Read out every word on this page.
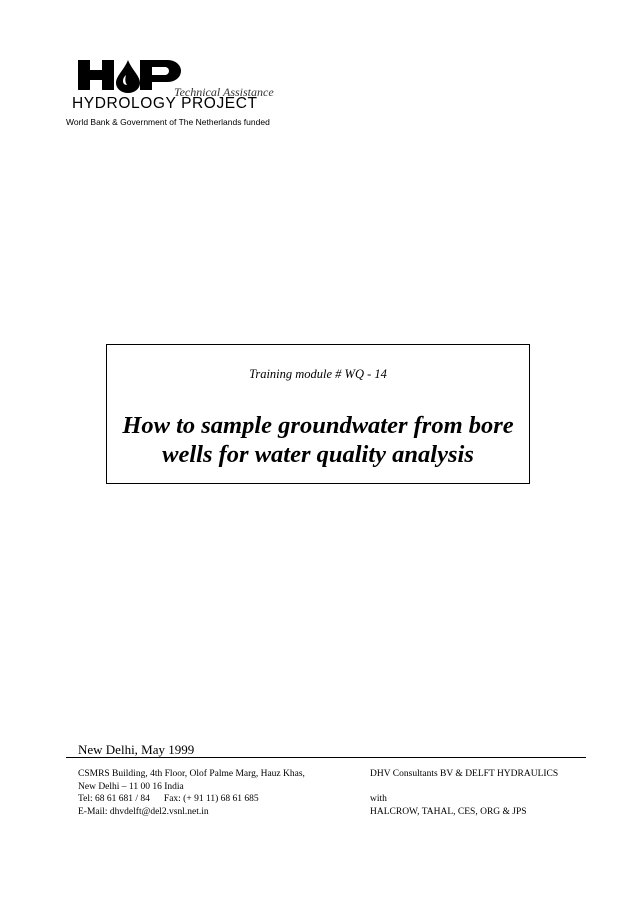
Technical Assistance
HYDROLOGY PROJECT
World Bank & Government of The Netherlands funded
Training module # WQ - 14
How to sample groundwater from bore
wells for water quality analysis
New Delhi, May 1999
CSMRS Building, 4th Floor, Olof Palme Marg, Hauz Khas,
New Delhi – 11 00 16 India
Tel: 68 61 681 / 84 Fax: (+ 91 11) 68 61 685
E-Mail: dhvdelft@del2.vsnl.net.in
DHV Consultants BV & DELFT HYDRAULICS
with
HALCROW, TAHAL, CES, ORG & JPS
